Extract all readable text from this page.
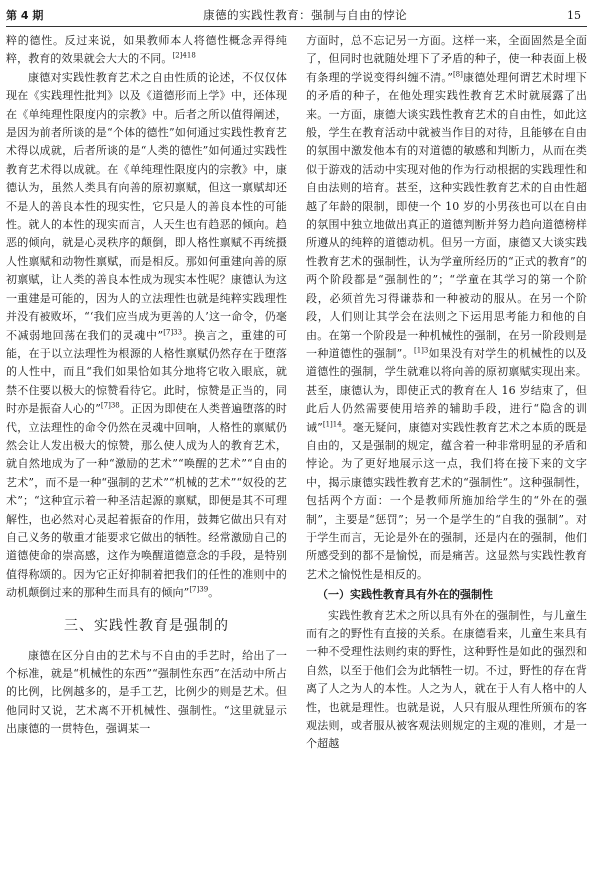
第 4 期	康德的实践性教育：强制与自由的悖论	15

粹的德性。反过来说，如果教师本人将德性概念弄得纯粹，教育的效果就会大大的不同。$^{[2]418}$

康德对实践性教育艺术之自由性质的论述，不仅仅体现在《实践理性批判》以及《道德形而上学》中，还体现在《单纯理性限度内的宗教》中。后者之所以值得阐述，是因为前者所谈的是“个体的德性”如何通过实践性教育艺术得以成就，后者所谈的是“人类的德性”如何通过实践性教育艺术得以成就。在《单纯理性限度内的宗教》中，康德认为，虽然人类具有向善的原初禀赋，但这一禀赋却还不是人的善良本性的现实性，它只是人的善良本性的可能性。就人的本性的现实而言，人天生也有趋恶的倾向。趋恶的倾向，就是心灵秩序的颠倒，即人格性禀赋不再统摄人性禀赋和动物性禀赋，而是相反。那如何重建向善的原初禀赋，让人类的善良本性成为现实本性呢？康德认为这一重建是可能的，因为人的立法理性也就是纯粹实践理性并没有被败坏，“‘我们应当成为更善的人’这一命令，仍毫不减弱地回荡在我们的灵魂中”$^{[7]33}$。换言之，重建的可能，在于以立法理性为根源的人格性禀赋仍然存在于堕落的人性中，而且“我们如果恰如其分地将它收入眼底，就禁不住要以极大的惊赞看待它。此时，惊赞是正当的，同时亦是振奋人心的”$^{[7]38}$。正因为即使在人类普遍堕落的时代，立法理性的命令仍然在灵魂中回响，人格性的禀赋仍然会让人发出极大的惊赞，那么使人成为人的教育艺术，就自然地成为了一种“激励的艺术”“唤醒的艺术”“自由的艺术”，而不是一种“强制的艺术”“机械的艺术”“奴役的艺术”；“这种宜示着一种圣洁起源的禀赋，即便是其不可理解性，也必然对心灵起着振奋的作用，鼓舞它做出只有对自己义务的敬重才能要求它做出的牺牲。经常激励自己的道德使命的崇高感，这作为唤醒道德意念的手段，是特别值得称颂的。因为它正好抑制着把我们的任性的准则中的动机颠倒过来的那种生而具有的倾向”$^{[7]39}$。

三、实践性教育是强制的

康德在区分自由的艺术与不自由的手艺时，给出了一个标准，就是“机械性的东西”“强制性东西”在活动中所占的比例，比例越多的，是手工艺，比例少的则是艺术。但他同时又说，艺术离不开机械性、强制性。“这里就显示出康德的一贯特色，强调某一

方面时，总不忘记另一方面。这样一来，全面固然是全面了，但同时也就随处埋下了矛盾的种子，使一种表面上极有条理的学说变得纠缠不清。”[8]康德处理何谓艺术时埋下的矛盾的种子，在他处理实践性教育艺术时就展露了出来。一方面，康德大谈实践性教育艺术的自由性，如此这般，学生在教育活动中就被当作目的对待，且能够在自由的氛围中激发他本有的对道德的敏感和判断力，从而在类似于游戏的活动中实现对他的作为行动根据的实践理性和自由法则的培育。甚至，这种实践性教育艺术的自由性超越了年龄的限制，即使一个 10 岁的小男孩也可以在自由的氛围中独立地做出真正的道德判断并努力趋向道德榜样所遵从的纯粹的道德动机。但另一方面，康德又大谈实践性教育艺术的强制性，认为学童所经历的“正式的教育”的两个阶段都是“强制性的”；“学童在其学习的第一个阶段，必须首先习得谦恭和一种被动的服从。在另一个阶段，人们则让其学会在法则之下运用思考能力和他的自由。在第一个阶段是一种机械性的强制，在另一阶段则是一种道德性的强制”。$^{[1]3}$如果没有对学生的机械性的以及道德性的强制，学生就难以将向善的原初禀赋实现出来。甚至，康德认为，即使正式的教育在人 16 岁结束了，但此后人仍然需要使用培养的辅助手段，进行“隐含的训诫”$^{[1]14}$。毫无疑问，康德对实践性教育艺术之本质的既是自由的，又是强制的规定，蕴含着一种非常明显的矛盾和悖论。为了更好地展示这一点，我们将在接下来的文字中，揭示康德实践性教育艺术的“强制性”。这种强制性，包括两个方面：一个是教师所施加给学生的“外在的强制”，主要是“惩罚”；另一个是学生的“自我的强制”。对于学生而言，无论是外在的强制，还是内在的强制，他们所感受到的都不是愉悦，而是痛苦。这显然与实践性教育艺术之愉悦性是相反的。

（一）实践性教育具有外在的强制性

实践性教育艺术之所以具有外在的强制性，与儿童生而有之的野性有直接的关系。在康德看来，儿童生来具有一种不受理性法则约束的野性，这种野性是如此的强烈和自然，以至于他们会为此牺牲一切。不过，野性的存在背离了人之为人的本性。人之为人，就在于人有人格中的人性，也就是理性。也就是说，人只有服从理性所颁布的客观法则，或者服从被客观法则规定的主观的准则，才是一个超越
